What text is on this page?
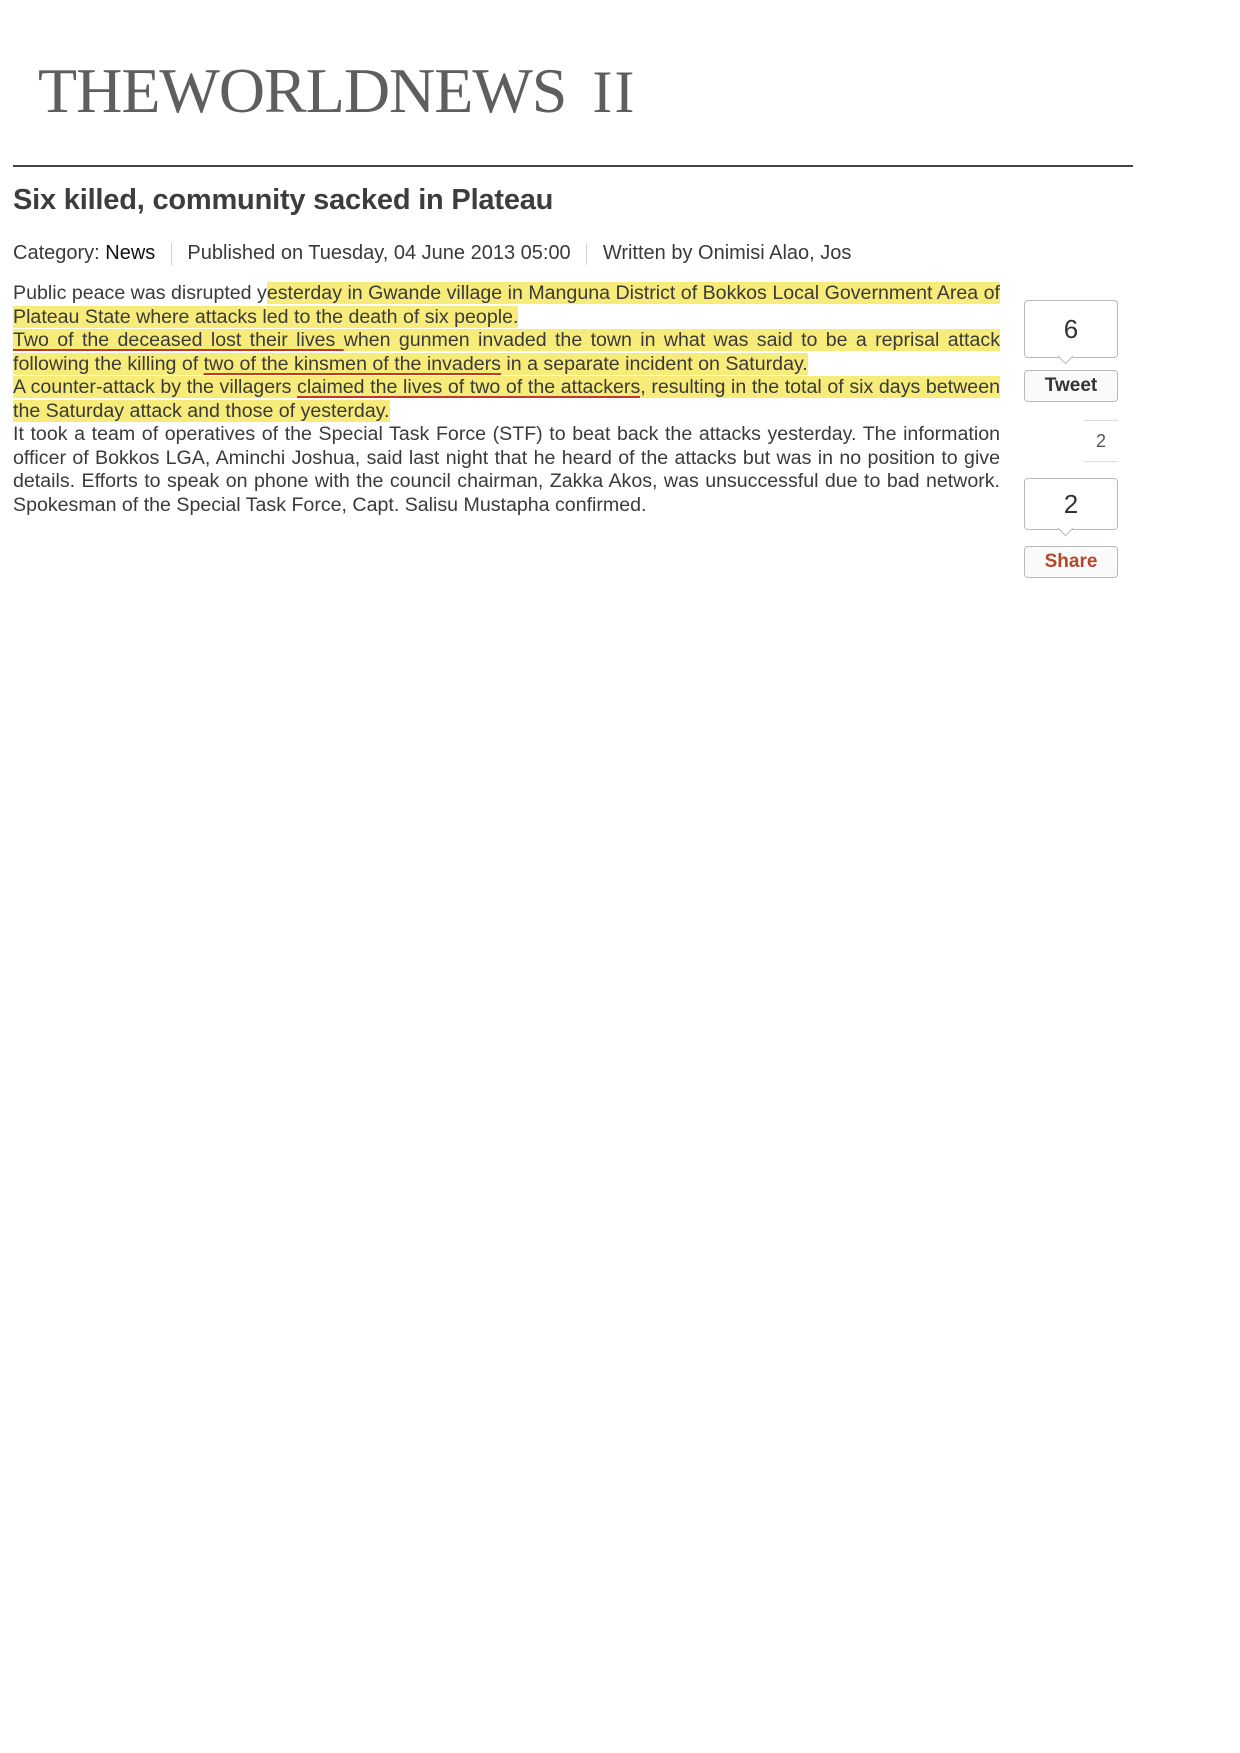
THEWORLDNEWS II
Six killed, community sacked in Plateau
Category: News Published on Tuesday, 04 June 2013 05:00 Written by Onimisi Alao, Jos

Public peace was disrupted yesterday in Gwande village in Manguna District of Bokkos Local Government Area of Plateau State where attacks led to the death of six people.

Two of the deceased lost their lives when gunmen invaded the town in what was said to be a reprisal attack following the killing of two of the kinsmen of the invaders in a separate incident on Saturday.

A counter-attack by the villagers claimed the lives of two of the attackers, resulting in the total of six days between the Saturday attack and those of yesterday.

It took a team of operatives of the Special Task Force (STF) to beat back the attacks yesterday. The information officer of Bokkos LGA, Aminchi Joshua, said last night that he heard of the attacks but was in no position to give details. Efforts to speak on phone with the council chairman, Zakka Akos, was unsuccessful due to bad network. Spokesman of the Special Task Force, Capt. Salisu Mustapha confirmed.

6
Tweet
2
2
Share
